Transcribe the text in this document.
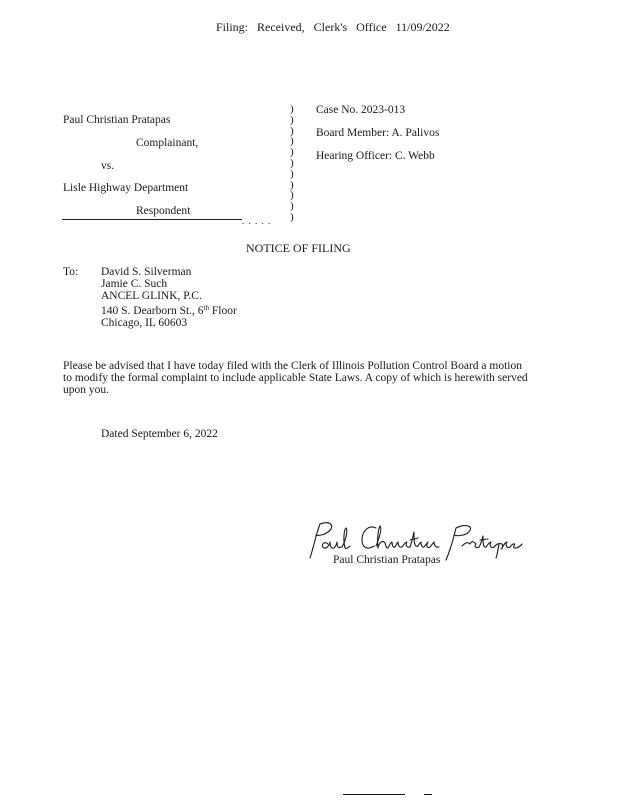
Filing: Received, Clerk's Office 11/09/2022
Paul Christian Pratapas
Complainant,
vs.
Lisle Highway Department
Respondent
. . . . .
)
)
)
)
)
)
)
)
)
)
)
Case No. 2023-013
Board Member: A. Palivos
Hearing Officer: C. Webb
NOTICE OF FILING
To: David S. Silverman
Jamie C. Such
ANCEL GLINK, P.C.
140 S. Dearborn St., 6th Floor
Chicago, IL 60603
Please be advised that I have today filed with the Clerk of Illinois Pollution Control Board a motion to modify the formal complaint to include applicable State Laws. A copy of which is herewith served upon you.
Dated September 6, 2022
Paul Christian Pratapas
